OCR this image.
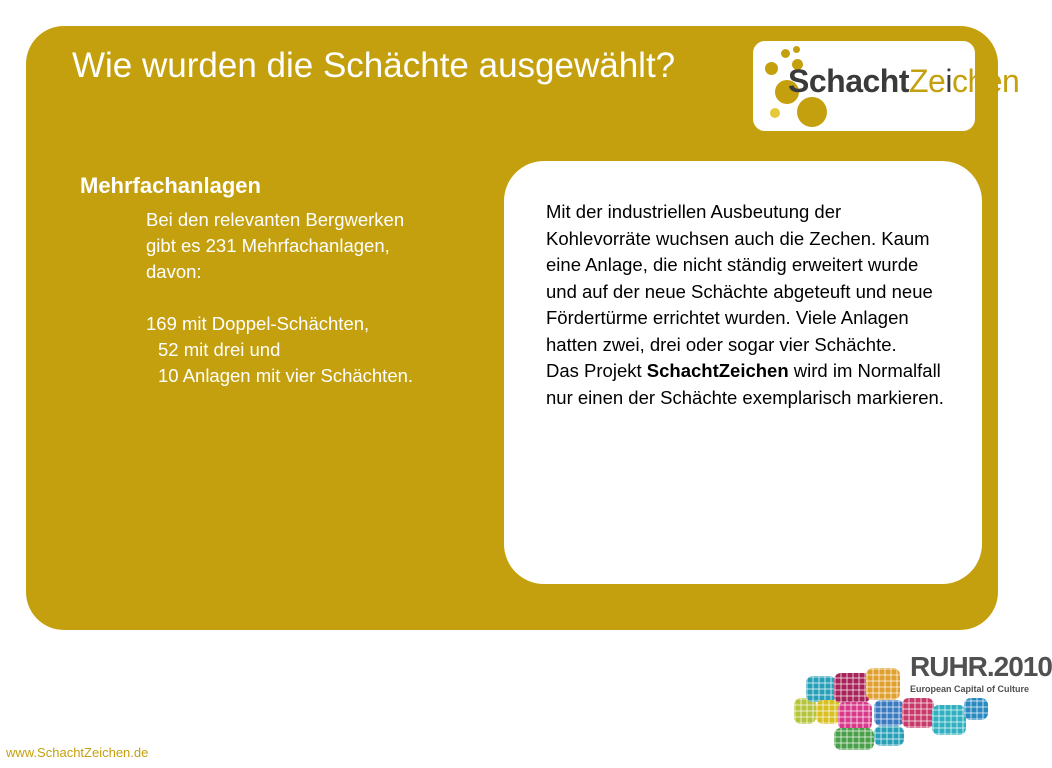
Wie wurden die Schächte ausgewählt?	SchachtZeichen
Mehrfachanlagen

Bei den relevanten Bergwerken

gibt es 231 Mehrfachanlagen,

davon:

169 mit Doppel-Schächten,

52 mit drei und

10 Anlagen mit vier Schächten.

Mit der industriellen Ausbeutung der Kohlevorräte wuchsen auch die Zechen. Kaum eine Anlage, die nicht ständig erweitert wurde und auf der neue Schächte abgeteuft und neue Fördertürme errichtet wurden. Viele Anlagen hatten zwei, drei oder sogar vier Schächte.

Das Projekt SchachtZeichen wird im Normalfall nur einen der Schächte exemplarisch markieren.

RUHR.2010
European Capital of Culture
www.SchachtZeichen.de
